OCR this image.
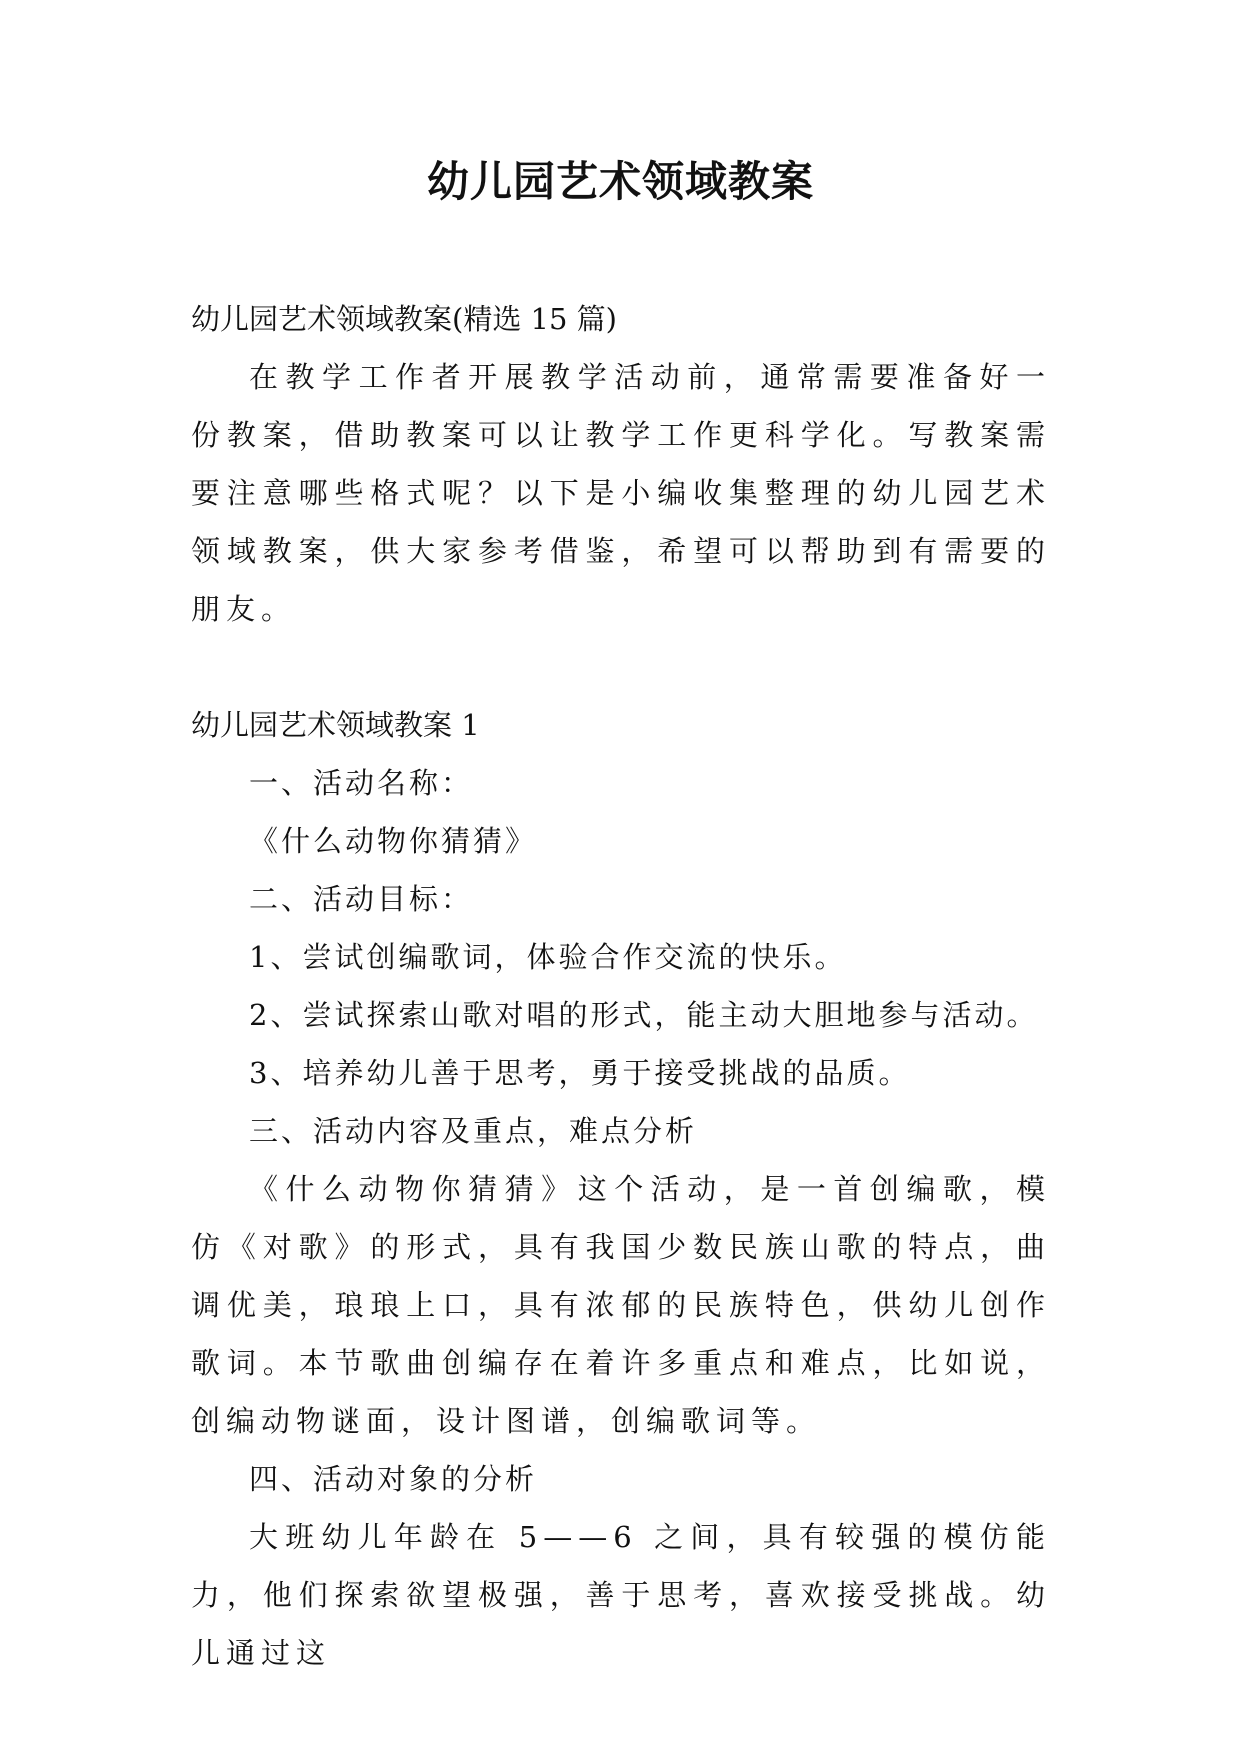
幼儿园艺术领域教案

幼儿园艺术领域教案(精选 15 篇)

在教学工作者开展教学活动前，通常需要准备好一份教案，借助教案可以让教学工作更科学化。写教案需要注意哪些格式呢？以下是小编收集整理的幼儿园艺术领域教案，供大家参考借鉴，希望可以帮助到有需要的朋友。

幼儿园艺术领域教案 1

一、活动名称：

《什么动物你猜猜》

二、活动目标：

1、尝试创编歌词，体验合作交流的快乐。

2、尝试探索山歌对唱的形式，能主动大胆地参与活动。

3、培养幼儿善于思考，勇于接受挑战的品质。

三、活动内容及重点，难点分析

《什么动物你猜猜》这个活动，是一首创编歌，模仿《对歌》的形式，具有我国少数民族山歌的特点，曲调优美，琅琅上口，具有浓郁的民族特色，供幼儿创作歌词。本节歌曲创编存在着许多重点和难点，比如说，创编动物谜面，设计图谱，创编歌词等。

四、活动对象的分析

大班幼儿年龄在 5——6 之间，具有较强的模仿能力，他们探索欲望极强，善于思考，喜欢接受挑战。幼儿通过这
